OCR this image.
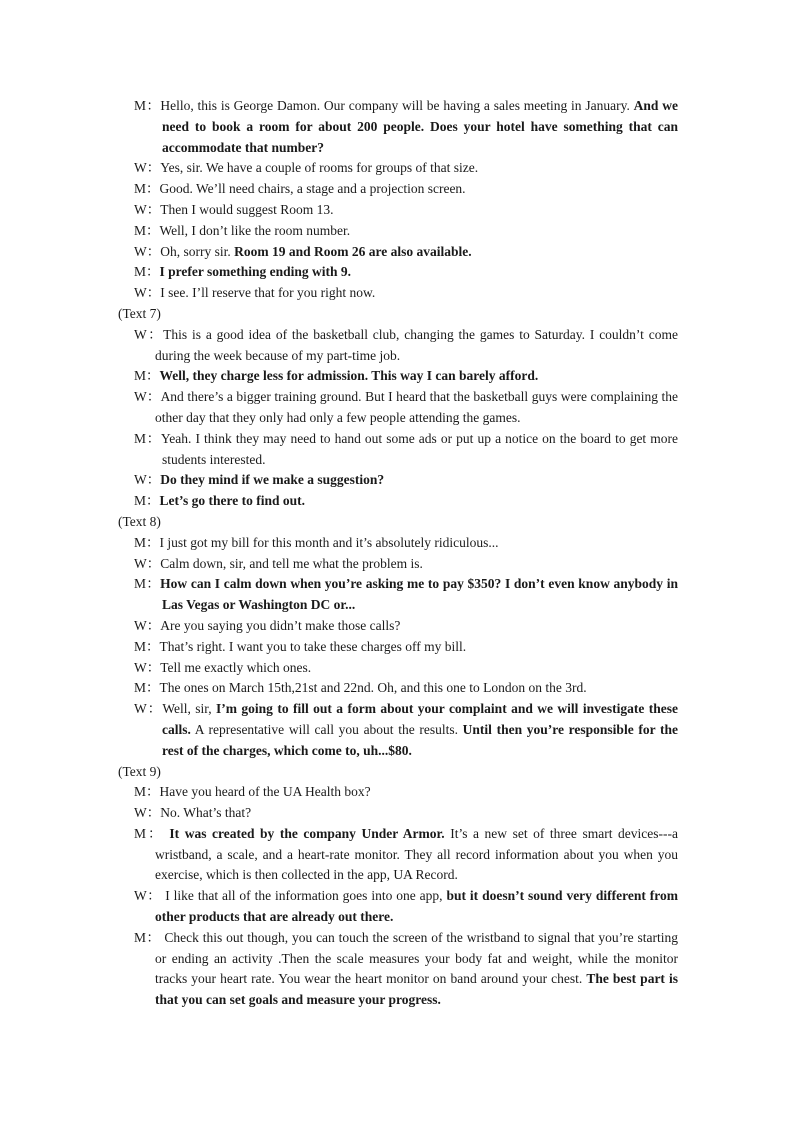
M：Hello, this is George Damon. Our company will be having a sales meeting in January. And we need to book a room for about 200 people. Does your hotel have something that can accommodate that number?
W：Yes, sir. We have a couple of rooms for groups of that size.
M：Good. We’ll need chairs, a stage and a projection screen.
W：Then I would suggest Room 13.
M：Well, I don’t like the room number.
W：Oh, sorry sir. Room 19 and Room 26 are also available.
M：I prefer something ending with 9.
W：I see. I’ll reserve that for you right now.
(Text 7)
W：This is a good idea of the basketball club, changing the games to Saturday. I couldn’t come during the week because of my part-time job.
M：Well, they charge less for admission. This way I can barely afford.
W：And there’s a bigger training ground. But I heard that the basketball guys were complaining the other day that they only had only a few people attending the games.
M：Yeah. I think they may need to hand out some ads or put up a notice on the board to get more students interested.
W：Do they mind if we make a suggestion?
M：Let’s go there to find out.
(Text 8)
M：I just got my bill for this month and it’s absolutely ridiculous...
W：Calm down, sir, and tell me what the problem is.
M：How can I calm down when you’re asking me to pay $350? I don’t even know anybody in Las Vegas or Washington DC or...
W：Are you saying you didn’t make those calls?
M：That’s right. I want you to take these charges off my bill.
W：Tell me exactly which ones.
M：The ones on March 15th,21st and 22nd. Oh, and this one to London on the 3rd.
W：Well, sir, I’m going to fill out a form about your complaint and we will investigate these calls. A representative will call you about the results. Until then you’re responsible for the rest of the charges, which come to, uh...$80.
(Text 9)
M：Have you heard of the UA Health box?
W：No. What’s that?
M： It was created by the company Under Armor. It’s a new set of three smart devices---a wristband, a scale, and a heart-rate monitor. They all record information about you when you exercise, which is then collected in the app, UA Record.
W： I like that all of the information goes into one app, but it doesn’t sound very different from other products that are already out there.
M： Check this out though, you can touch the screen of the wristband to signal that you’re starting or ending an activity .Then the scale measures your body fat and weight, while the monitor tracks your heart rate. You wear the heart monitor on band around your chest. The best part is that you can set goals and measure your progress.
